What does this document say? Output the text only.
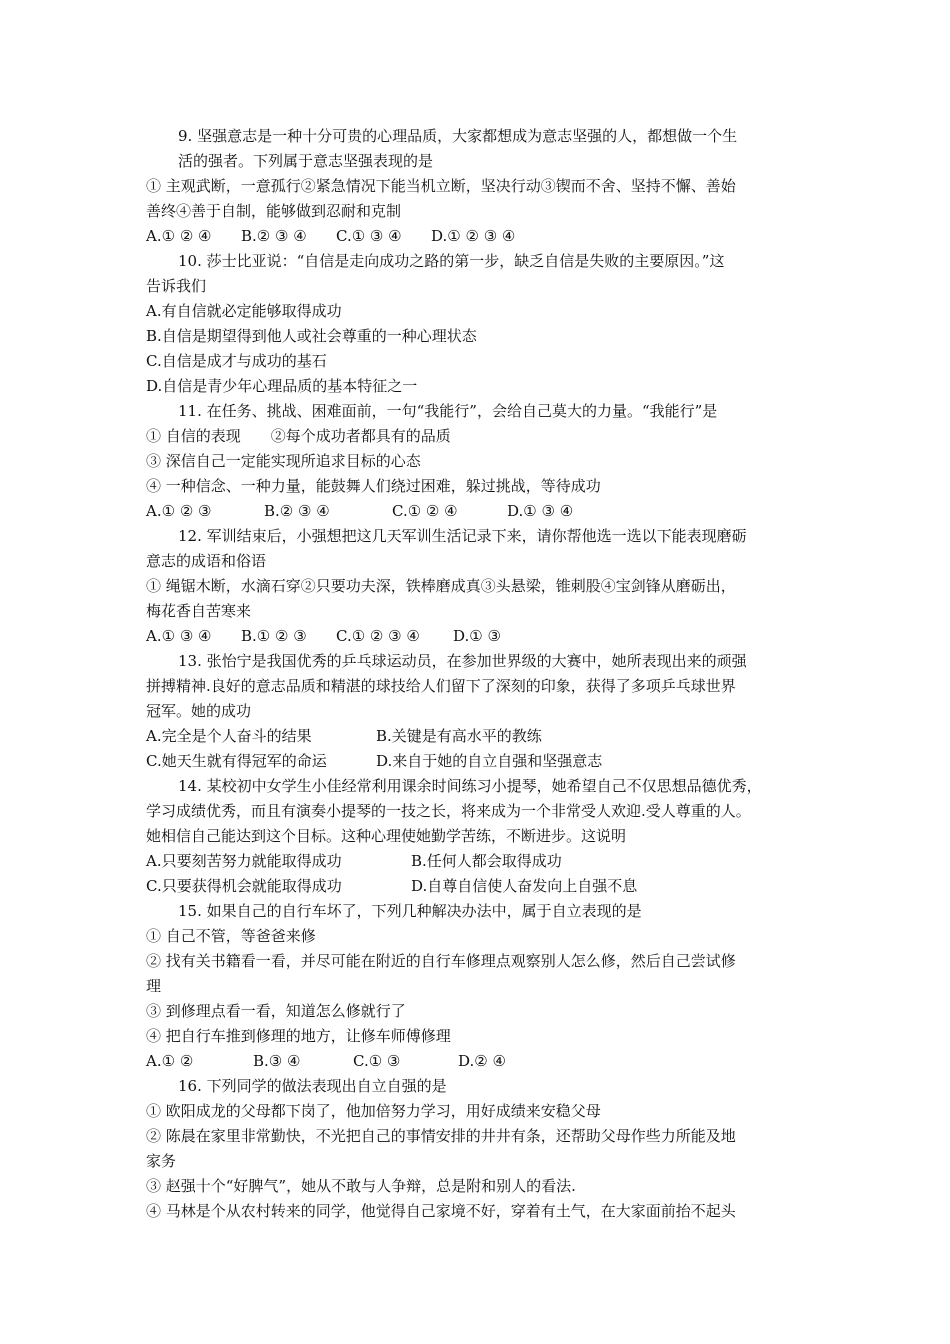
9. 坚强意志是一种十分可贵的心理品质，大家都想成为意志坚强的人，都想做一个生
活的强者。下列属于意志坚强表现的是
① 主观武断，一意孤行②紧急情况下能当机立断，坚决行动③锲而不舍、坚持不懈、善始
善终④善于自制，能够做到忍耐和克制
A.① ② ④ B.② ③ ④ C.① ③ ④ D.① ② ③ ④
10. 莎士比亚说：“自信是走向成功之路的第一步，缺乏自信是失败的主要原因。”这
告诉我们
A.有自信就必定能够取得成功
B.自信是期望得到他人或社会尊重的一种心理状态
C.自信是成才与成功的基石
D.自信是青少年心理品质的基本特征之一
11. 在任务、挑战、困难面前，一句“我能行”，会给自己莫大的力量。“我能行”是
① 自信的表现　　②每个成功者都具有的品质
③ 深信自己一定能实现所追求目标的心态
④ 一种信念、一种力量，能鼓舞人们绕过困难，躲过挑战，等待成功
A.① ② ③	B.② ③ ④	C.① ② ④	D.① ③ ④
12. 军训结束后，小强想把这几天军训生活记录下来，请你帮他选一选以下能表现磨砺
意志的成语和俗语
① 绳锯木断，水滴石穿②只要功夫深，铁棒磨成真③头悬梁，锥刺股④宝剑锋从磨砺出，
梅花香自苦寒来
A.① ③ ④ B.① ② ③ C.① ② ③ ④ D.① ③
13. 张怡宁是我国优秀的乒乓球运动员，在参加世界级的大赛中，她所表现出来的顽强
拼搏精神.良好的意志品质和精湛的球技给人们留下了深刻的印象，获得了多项乒乓球世界
冠军。她的成功
A.完全是个人奋斗的结果	B.关键是有高水平的教练
C.她天生就有得冠军的命运	D.来自于她的自立自强和坚强意志
14. 某校初中女学生小佳经常利用课余时间练习小提琴，她希望自己不仅思想品德优秀，
学习成绩优秀，而且有演奏小提琴的一技之长，将来成为一个非常受人欢迎.受人尊重的人。
她相信自己能达到这个目标。这种心理使她勤学苦练，不断进步。这说明
A.只要刻苦努力就能取得成功	B.任何人都会取得成功
C.只要获得机会就能取得成功	D.自尊自信使人奋发向上自强不息
15. 如果自己的自行车坏了，下列几种解决办法中，属于自立表现的是
① 自己不管，等爸爸来修
② 找有关书籍看一看，并尽可能在附近的自行车修理点观察别人怎么修，然后自己尝试修
理
③ 到修理点看一看，知道怎么修就行了
④ 把自行车推到修理的地方，让修车师傅修理
A.① ②	B.③ ④	C.① ③	D.② ④
16. 下列同学的做法表现出自立自强的是
① 欧阳成龙的父母都下岗了，他加倍努力学习，用好成绩来安稳父母
② 陈晨在家里非常勤快，不光把自己的事情安排的井井有条，还帮助父母作些力所能及地
家务
③ 赵强十个“好脾气”，她从不敢与人争辩，总是附和别人的看法.
④ 马林是个从农村转来的同学，他觉得自己家境不好，穿着有土气，在大家面前抬不起头
